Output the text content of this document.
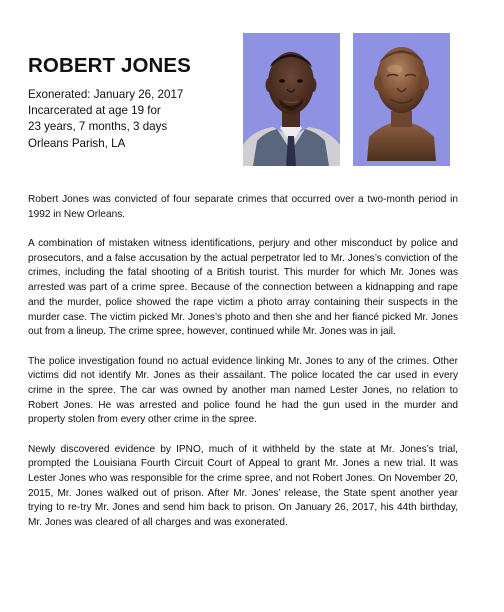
ROBERT JONES
Exonerated: January 26, 2017
Incarcerated at age 19 for
23 years, 7 months, 3 days
Orleans Parish, LA

Robert Jones was convicted of four separate crimes that occurred over a two-month period in 1992 in New Orleans.

A combination of mistaken witness identifications, perjury and other misconduct by police and prosecutors, and a false accusation by the actual perpetrator led to Mr. Jones’s conviction of the crimes, including the fatal shooting of a British tourist. This murder for which Mr. Jones was arrested was part of a crime spree. Because of the connection between a kidnapping and rape and the murder, police showed the rape victim a photo array containing their suspects in the murder case. The victim picked Mr. Jones’s photo and then she and her fiancé picked Mr. Jones out from a lineup. The crime spree, however, continued while Mr. Jones was in jail.

The police investigation found no actual evidence linking Mr. Jones to any of the crimes. Other victims did not identify Mr. Jones as their assailant. The police located the car used in every crime in the spree. The car was owned by another man named Lester Jones, no relation to Robert Jones. He was arrested and police found he had the gun used in the murder and property stolen from every other crime in the spree.

Newly discovered evidence by IPNO, much of it withheld by the state at Mr. Jones’s trial, prompted the Louisiana Fourth Circuit Court of Appeal to grant Mr. Jones a new trial. It was Lester Jones who was responsible for the crime spree, and not Robert Jones. On November 20, 2015, Mr. Jones walked out of prison. After Mr. Jones’ release, the State spent another year trying to re-try Mr. Jones and send him back to prison. On January 26, 2017, his 44th birthday, Mr. Jones was cleared of all charges and was exonerated.
